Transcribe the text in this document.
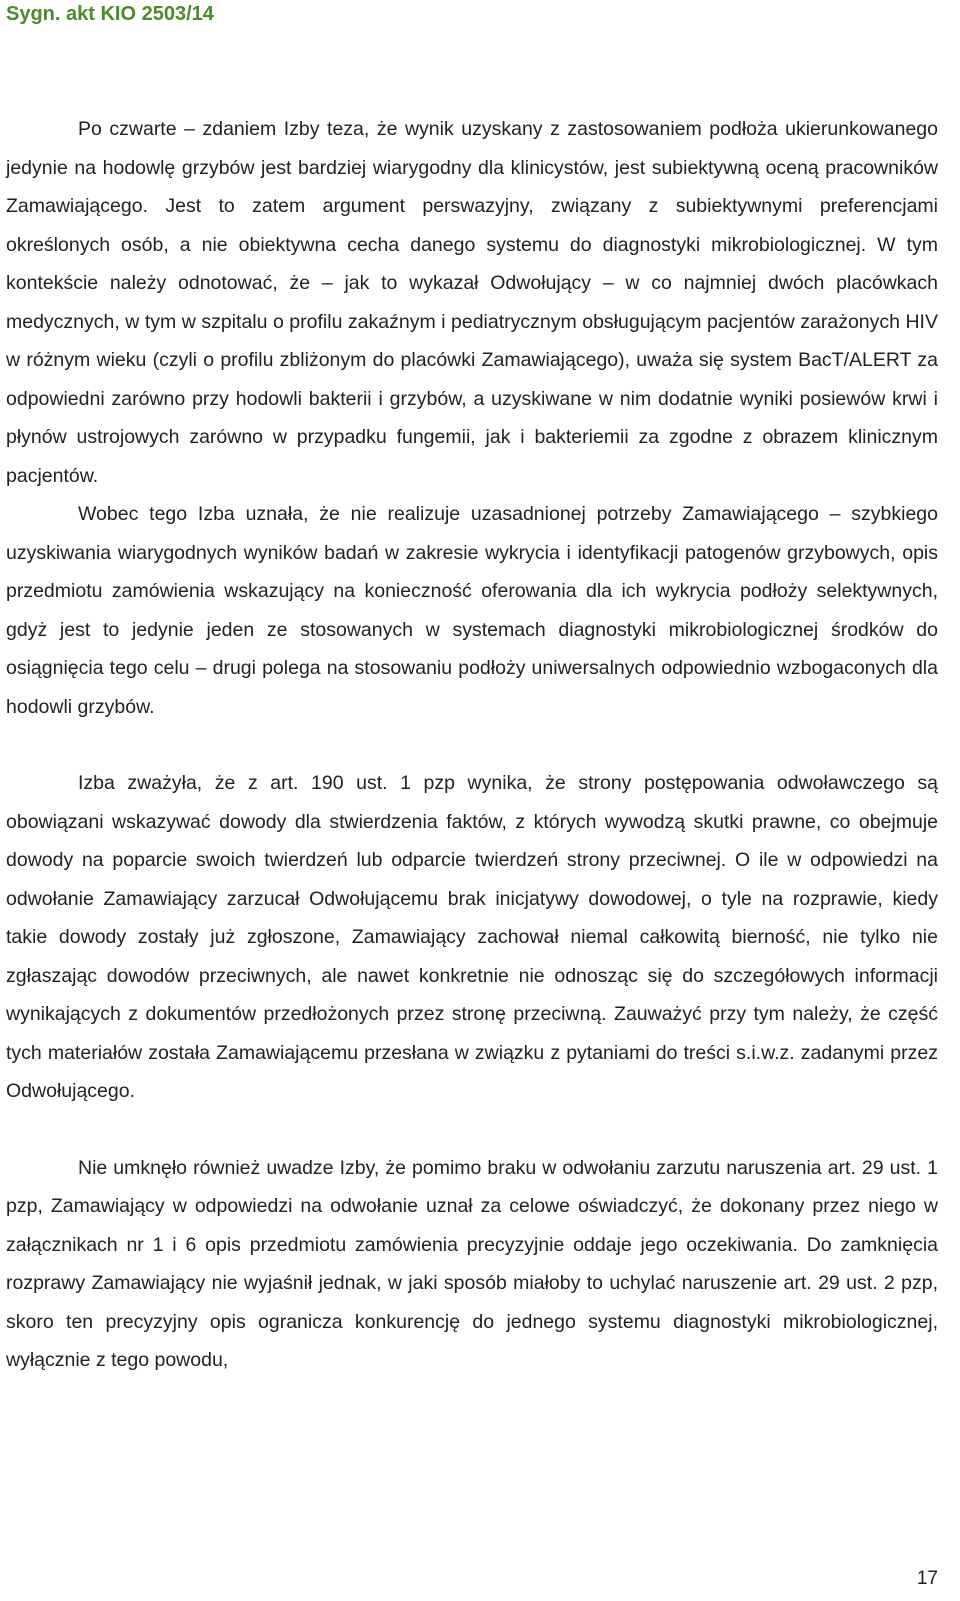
Sygn. akt KIO 2503/14

Po czwarte – zdaniem Izby teza, że wynik uzyskany z zastosowaniem podłoża ukierunkowanego jedynie na hodowlę grzybów jest bardziej wiarygodny dla klinicystów, jest subiektywną oceną pracowników Zamawiającego. Jest to zatem argument perswazyjny, związany z subiektywnymi preferencjami określonych osób, a nie obiektywna cecha danego systemu do diagnostyki mikrobiologicznej. W tym kontekście należy odnotować, że – jak to wykazał Odwołujący – w co najmniej dwóch placówkach medycznych, w tym w szpitalu o profilu zakaźnym i pediatrycznym obsługującym pacjentów zarażonych HIV w różnym wieku (czyli o profilu zbliżonym do placówki Zamawiającego), uważa się system BacT/ALERT za odpowiedni zarówno przy hodowli bakterii i grzybów, a uzyskiwane w nim dodatnie wyniki posiewów krwi i płynów ustrojowych zarówno w przypadku fungemii, jak i bakteriemii za zgodne z obrazem klinicznym pacjentów.

Wobec tego Izba uznała, że nie realizuje uzasadnionej potrzeby Zamawiającego – szybkiego uzyskiwania wiarygodnych wyników badań w zakresie wykrycia i identyfikacji patogenów grzybowych, opis przedmiotu zamówienia wskazujący na konieczność oferowania dla ich wykrycia podłoży selektywnych, gdyż jest to jedynie jeden ze stosowanych w systemach diagnostyki mikrobiologicznej środków do osiągnięcia tego celu – drugi polega na stosowaniu podłoży uniwersalnych odpowiednio wzbogaconych dla hodowli grzybów.

Izba zważyła, że z art. 190 ust. 1 pzp wynika, że strony postępowania odwoławczego są obowiązani wskazywać dowody dla stwierdzenia faktów, z których wywodzą skutki prawne, co obejmuje dowody na poparcie swoich twierdzeń lub odparcie twierdzeń strony przeciwnej. O ile w odpowiedzi na odwołanie Zamawiający zarzucał Odwołującemu brak inicjatywy dowodowej, o tyle na rozprawie, kiedy takie dowody zostały już zgłoszone, Zamawiający zachował niemal całkowitą bierność, nie tylko nie zgłaszając dowodów przeciwnych, ale nawet konkretnie nie odnosząc się do szczegółowych informacji wynikających z dokumentów przedłożonych przez stronę przeciwną. Zauważyć przy tym należy, że część tych materiałów została Zamawiającemu przesłana w związku z pytaniami do treści s.i.w.z. zadanymi przez Odwołującego.

Nie umknęło również uwadze Izby, że pomimo braku w odwołaniu zarzutu naruszenia art. 29 ust. 1 pzp, Zamawiający w odpowiedzi na odwołanie uznał za celowe oświadczyć, że dokonany przez niego w załącznikach nr 1 i 6 opis przedmiotu zamówienia precyzyjnie oddaje jego oczekiwania. Do zamknięcia rozprawy Zamawiający nie wyjaśnił jednak, w jaki sposób miałoby to uchylać naruszenie art. 29 ust. 2 pzp, skoro ten precyzyjny opis ogranicza konkurencję do jednego systemu diagnostyki mikrobiologicznej, wyłącznie z tego powodu,

17
